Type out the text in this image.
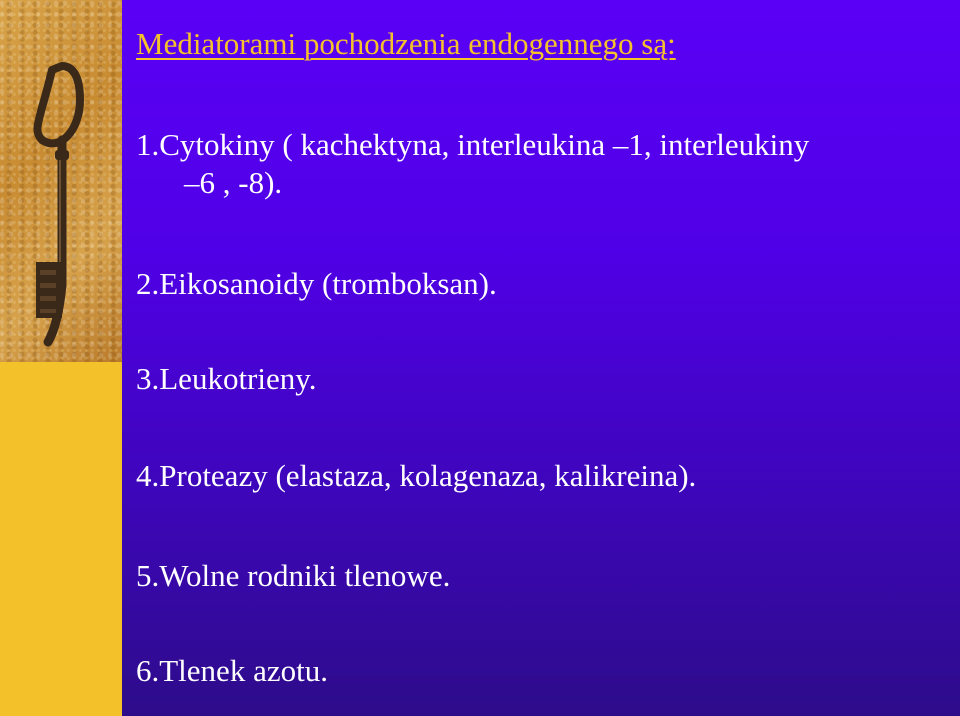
Mediatorami pochodzenia endogennego są:
1.Cytokiny ( kachektyna, interleukina –1, interleukiny
–6 , -8).
2.Eikosanoidy (tromboksan).
3.Leukotrieny.
4.Proteazy (elastaza, kolagenaza, kalikreina).
5.Wolne rodniki tlenowe.
6.Tlenek azotu.
